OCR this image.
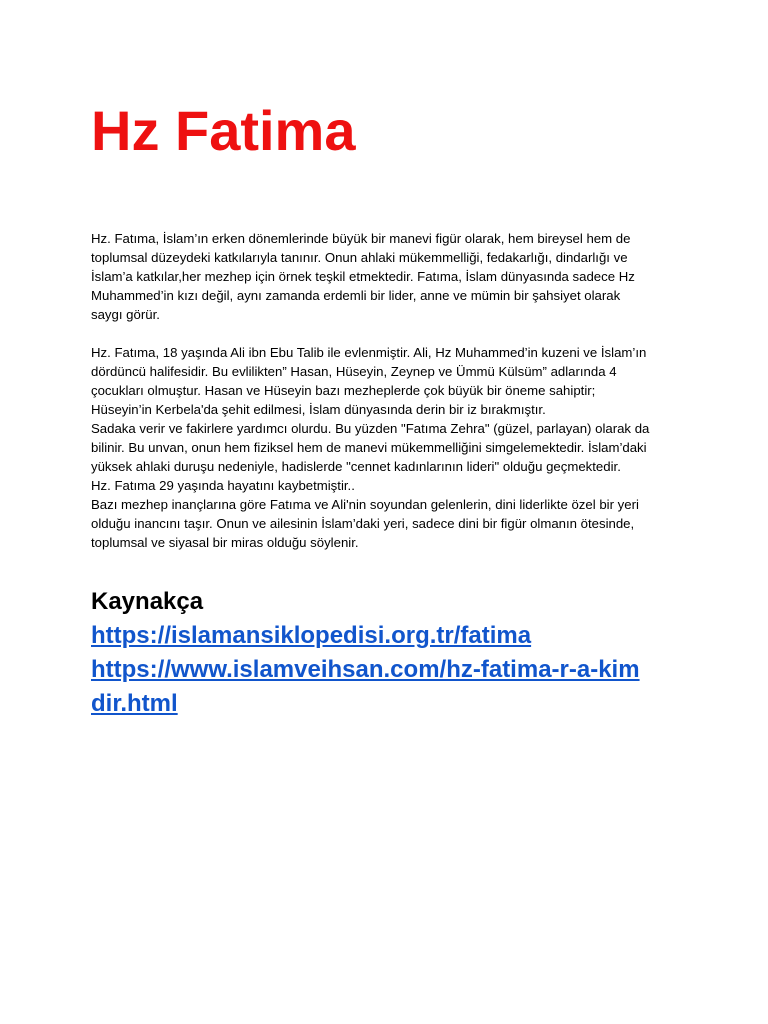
Hz Fatima
Hz. Fatıma, İslam’ın erken dönemlerinde büyük bir manevi figür olarak, hem bireysel hem de
toplumsal düzeydeki katkılarıyla tanınır. Onun ahlaki mükemmelliği, fedakarlığı, dindarlığı ve
İslam’a katkılar,her mezhep için örnek teşkil etmektedir. Fatıma, İslam dünyasında sadece Hz
Muhammed’in kızı değil, aynı zamanda erdemli bir lider, anne ve mümin bir şahsiyet olarak
saygı görür.
Hz. Fatıma, 18 yaşında Ali ibn Ebu Talib ile evlenmiştir. Ali, Hz Muhammed’in kuzeni ve İslam’ın
dördüncü halifesidir. Bu evlilikten” Hasan, Hüseyin, Zeynep ve Ümmü Külsüm” adlarında 4
çocukları olmuştur. Hasan ve Hüseyin bazı mezheplerde çok büyük bir öneme sahiptir;
Hüseyin’in Kerbela'da şehit edilmesi, İslam dünyasında derin bir iz bırakmıştır.
Sadaka verir ve fakirlere yardımcı olurdu. Bu yüzden "Fatıma Zehra" (güzel, parlayan) olarak da
bilinir. Bu unvan, onun hem fiziksel hem de manevi mükemmelliğini simgelemektedir. İslam’daki
yüksek ahlaki duruşu nedeniyle, hadislerde "cennet kadınlarının lideri" olduğu geçmektedir.
Hz. Fatıma 29 yaşında hayatını kaybetmiştir..
Bazı mezhep inançlarına göre Fatıma ve Ali'nin soyundan gelenlerin, dini liderlikte özel bir yeri
olduğu inancını taşır. Onun ve ailesinin İslam’daki yeri, sadece dini bir figür olmanın ötesinde,
toplumsal ve siyasal bir miras olduğu söylenir.
Kaynakça
https://islamansiklopedisi.org.tr/fatima
https://www.islamveihsan.com/hz-fatima-r-a-kim
dir.html
